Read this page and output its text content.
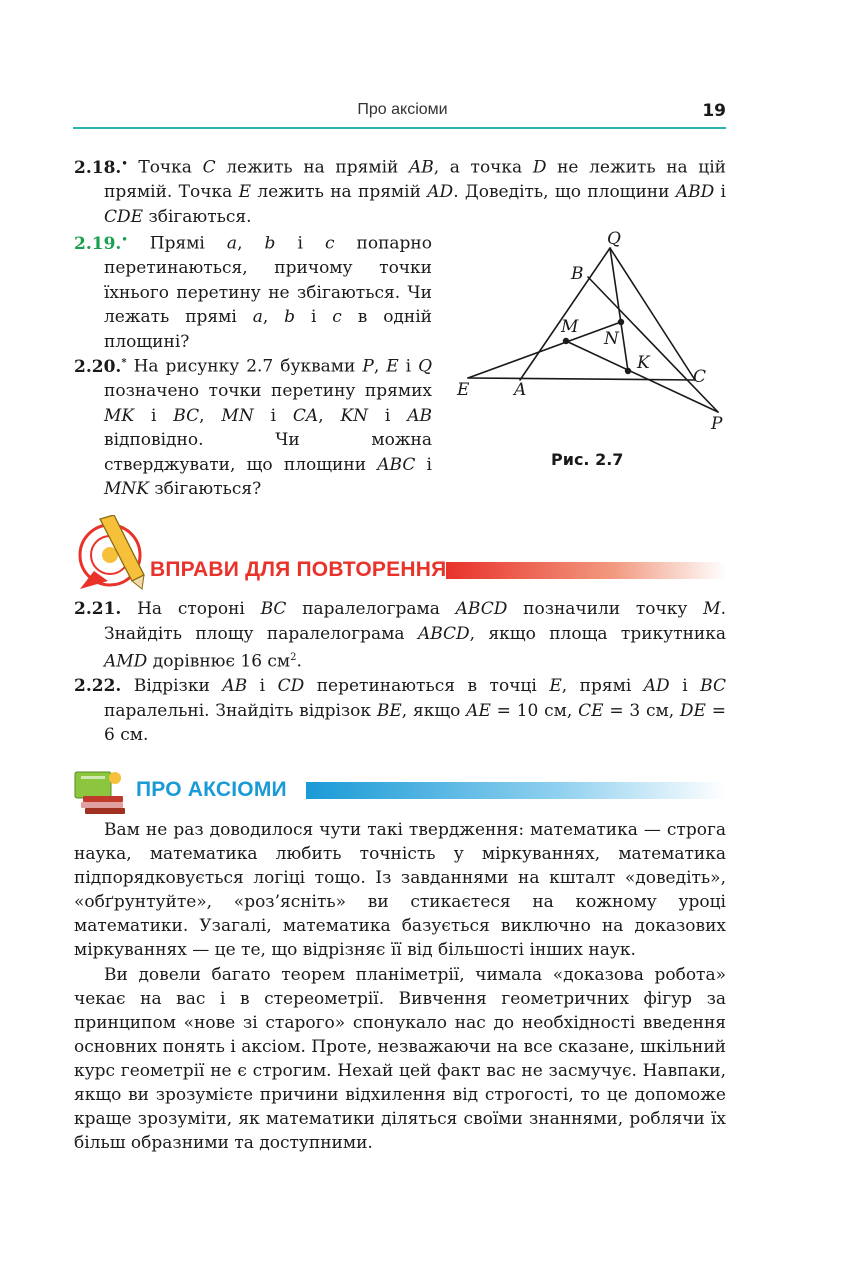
Про аксіоми	19

2.18.• Точка C лежить на прямій AB, а точка D не лежить на цій прямій. Точка E лежить на прямій AD. Доведіть, що площини ABD і CDE збігаються.

2.19.• Прямі a, b і c попарно перетинаються, причому точки їхнього перетину не збігаються. Чи лежать прямі a, b і c в одній площині?

2.20.* На рисунку 2.7 буквами P, E і Q позначено точки перетину прямих MK і BC, MN і CA, KN і AB відповідно. Чи можна стверджувати, що площини ABC і MNK збігаються?

Q
B
M
N
K
C
E	A
P
Рис. 2.7
ВПРАВИ ДЛЯ ПОВТОРЕННЯ

2.21. На стороні BC паралелограма ABCD позначили точку M. Знайдіть площу паралелограма ABCD, якщо площа трикутника AMD дорівнює 16 $см^2$.

2.22. Відрізки AB і CD перетинаються в точці E, прямі AD і BC паралельні. Знайдіть відрізок BE, якщо AE = 10 см, CE = 3 см, DE = 6 см.

ПРО АКСІОМИ

Вам не раз доводилося чути такі твердження: математика — строга наука, математика любить точність у міркуваннях, математика підпорядковується логіці тощо. Із завданнями на кшталт «доведіть», «обґрунтуйте», «роз’ясніть» ви стикаєтеся на кожному уроці математики. Узагалі, математика базується виключно на доказових міркуваннях — це те, що відрізняє її від більшості інших наук.

Ви довели багато теорем планіметрії, чимала «доказова робота» чекає на вас і в стереометрії. Вивчення геометричних фігур за принципом «нове зі старого» спонукало нас до необхідності введення основних понять і аксіом. Проте, незважаючи на все сказане, шкільний курс геометрії не є строгим. Нехай цей факт вас не засмучує. Навпаки, якщо ви зрозумієте причини відхилення від строгості, то це допоможе краще зрозуміти, як математики діляться своїми знаннями, роблячи їх більш образними та доступними.
